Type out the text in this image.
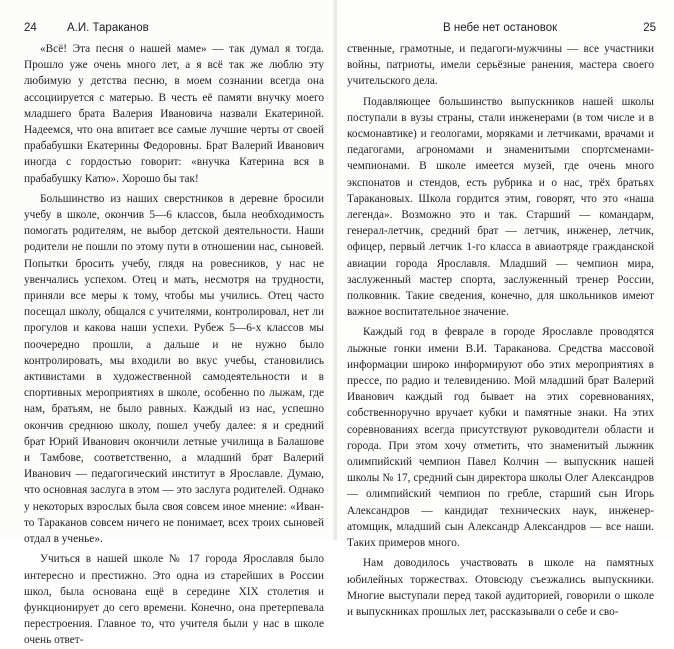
24	А.И. Тараканов

«Всё! Эта песня о нашей маме» — так думал я тогда. Прошло уже очень много лет, а я всё так же люблю эту любимую у детства песню, в моем сознании всегда она ассоциируется с матерью. В честь её памяти внучку моего младшего брата Валерия Ивановича назвали Екатериной. Надеемся, что она впитает все самые лучшие черты от своей прабабушки Екатерины Федоровны. Брат Валерий Иванович иногда с гордостью говорит: «внучка Катерина вся в прабабушку Катю». Хорошо бы так!

Большинство из наших сверстников в деревне бросили учебу в школе, окончив 5—6 классов, была необходимость помогать родителям, не выбор детской деятельности. Наши родители не пошли по этому пути в отношении нас, сыновей. Попытки бросить учебу, глядя на ровесников, у нас не увенчались успехом. Отец и мать, несмотря на трудности, приняли все меры к тому, чтобы мы учились. Отец часто посещал школу, общался с учителями, контролировал, нет ли прогулов и какова наши успехи. Рубеж 5—6-х классов мы поочередно прошли, а дальше и не нужно было контролировать, мы входили во вкус учебы, становились активистами в художественной самодеятельности и в спортивных мероприятиях в школе, особенно по лыжам, где нам, братьям, не было равных. Каждый из нас, успешно окончив среднюю школу, пошел учебу далее: я и средний брат Юрий Иванович окончили летные училища в Балашове и Тамбове, соответственно, а младший брат Валерий Иванович — педагогический институт в Ярославле. Думаю, что основная заслуга в этом — это заслуга родителей. Однако у некоторых взрослых была своя совсем иное мнение: «Иван-то Тараканов совсем ничего не понимает, всех троих сыновей отдал в ученье».

Учиться в нашей школе № 17 города Ярославля было интересно и престижно. Это одна из старейших в России школ, была основана ещё в середине XIX столетия и функционирует до сего времени. Конечно, она претерпевала перестроения. Главное то, что учителя были у нас в школе очень ответ-

В небе нет остановок	25

ственные, грамотные, и педагоги-мужчины — все участники войны, патриоты, имели серьёзные ранения, мастера своего учительского дела.

Подавляющее большинство выпускников нашей школы поступали в вузы страны, стали инженерами (в том числе и в космонавтике) и геологами, моряками и летчиками, врачами и педагогами, агрономами и знаменитыми спортсменами-чемпионами. В школе имеется музей, где очень много экспонатов и стендов, есть рубрика и о нас, трёх братьях Таракановых. Школа гордится этим, говорят, что это «наша легенда». Возможно это и так. Старший — командарм, генерал-летчик, средний брат — летчик, инженер, летчик, офицер, первый летчик 1-го класса в авиаотряде гражданской авиации города Ярославля. Младший — чемпион мира, заслуженный мастер спорта, заслуженный тренер России, полковник. Такие сведения, конечно, для школьников имеют важное воспитательное значение.

Каждый год в феврале в городе Ярославле проводятся лыжные гонки имени В.И. Тараканова. Средства массовой информации широко информируют обо этих мероприятиях в прессе, по радио и телевидению. Мой младший брат Валерий Иванович каждый год бывает на этих соревнованиях, собственноручно вручает кубки и памятные знаки. На этих соревнованиях всегда присутствуют руководители области и города. При этом хочу отметить, что знаменитый лыжник олимпийский чемпион Павел Колчин — выпускник нашей школы № 17, средний сын директора школы Олег Александров — олимпийский чемпион по гребле, старший сын Игорь Александров — кандидат технических наук, инженер-атомщик, младший сын Александр Александров — все наши. Таких примеров много.

Нам доводилось участвовать в школе на памятных юбилейных торжествах. Отовсюду съезжались выпускники. Многие выступали перед такой аудиторией, говорили о школе и выпускниках прошлых лет, рассказывали о себе и сво-
